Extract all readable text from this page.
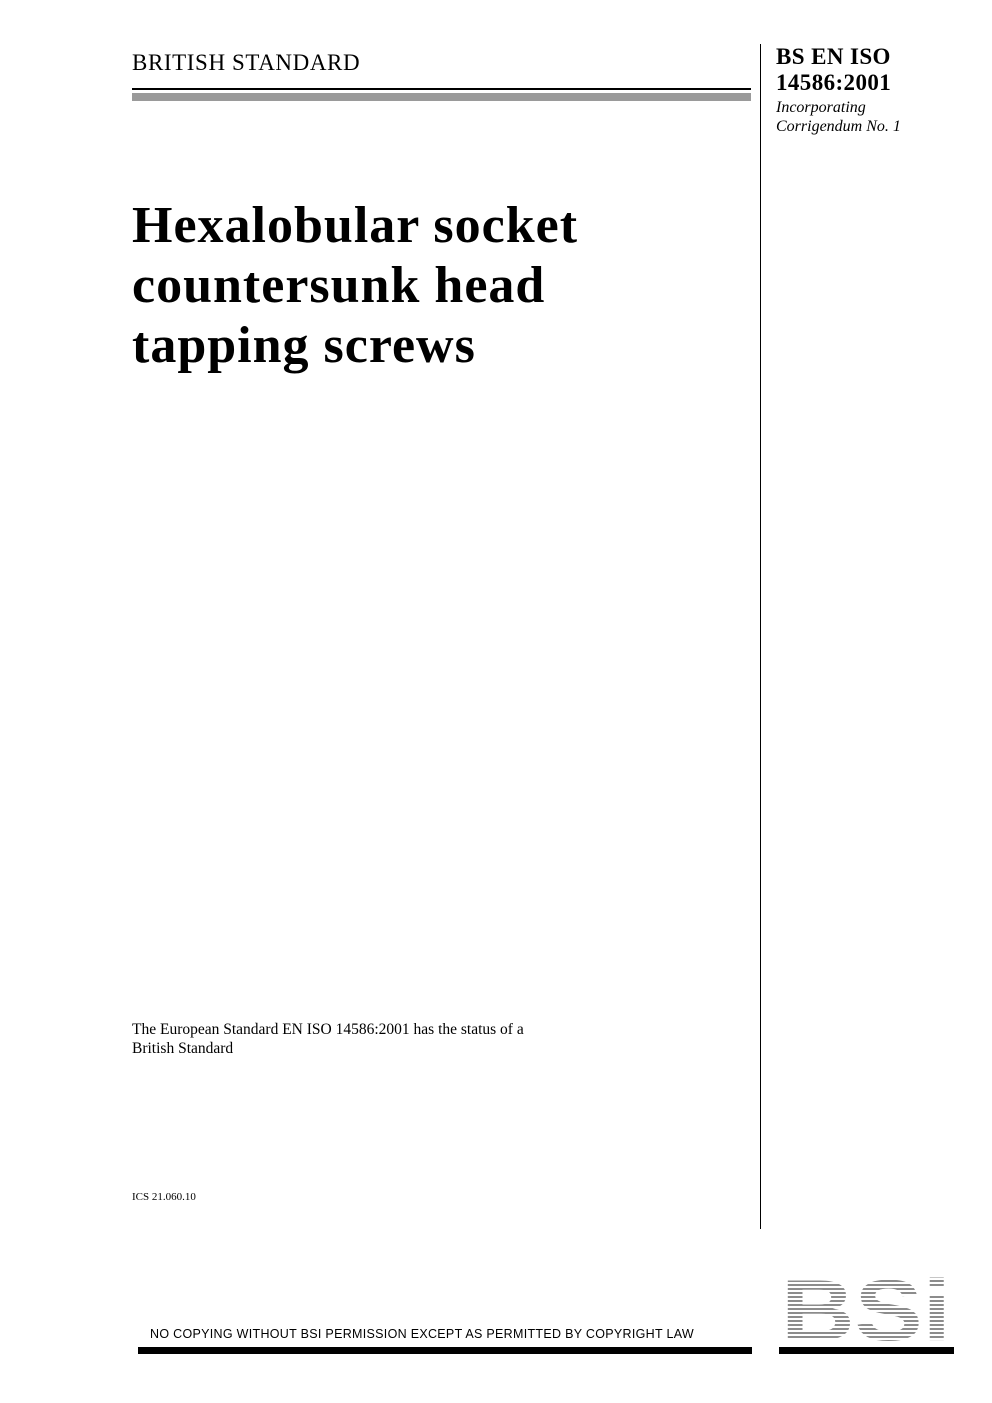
BRITISH STANDARD	BS EN ISO
14586:2001
Incorporating
Corrigendum No. 1
Hexalobular socket
countersunk head
tapping screws
The European Standard EN ISO 14586:2001 has the status of a
British Standard
ICS 21.060.10
NO COPYING WITHOUT BSI PERMISSION EXCEPT AS PERMITTED BY COPYRIGHT LAW	BSi
